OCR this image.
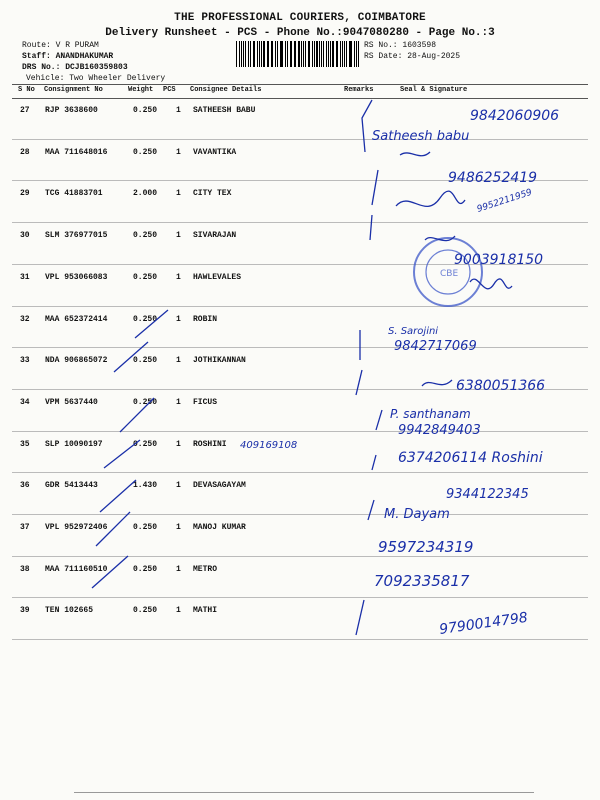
THE PROFESSIONAL COURIERS, COIMBATORE
Delivery Runsheet - PCS - Phone No.:9047080280 - Page No.:3
Route: V R PURAM
Staff: ANANDHAKUMAR
DRS No.: DCJB160359803
Vehicle: Two Wheeler Delivery
RS No.: 1603598
RS Date: 28-Aug-2025
S No Consignment No	Weight PCS Consignee Details	Remarks	Seal & Signature
27 RJP 3638600	0.250 1 SATHEESH BABU
28 MAA 711648016	0.250 1 VAVANTIKA
29 TCG 41883701	2.000 1 CITY TEX
30 SLM 376977015	0.250 1 SIVARAJAN
31 VPL 953066083	0.250 1 HAWLEVALES
32 MAA 652372414	0.250 1 ROBIN
33 NDA 906865072	0.250 1 JOTHIKANNAN
34 VPM 5637440	0.250 1 FICUS
35 SLP 10090197	0.250 1 ROSHINI
36 GDR 5413443	1.430 1 DEVASAGAYAM
37 VPL 952972406	0.250 1 MANOJ KUMAR
38 MAA 711160510	0.250 1 METRO
39 TEN 102665	0.250 1 MATHI
CBE
9842060906
Satheesh babu
9486252419
9952211959
9003918150
S. Sarojini
9842717069
6380051366
P. santhanam
9942849403
409169108
6374206114 Roshini
9344122345
M. Dayam
9597234319
7092335817
9790014798
